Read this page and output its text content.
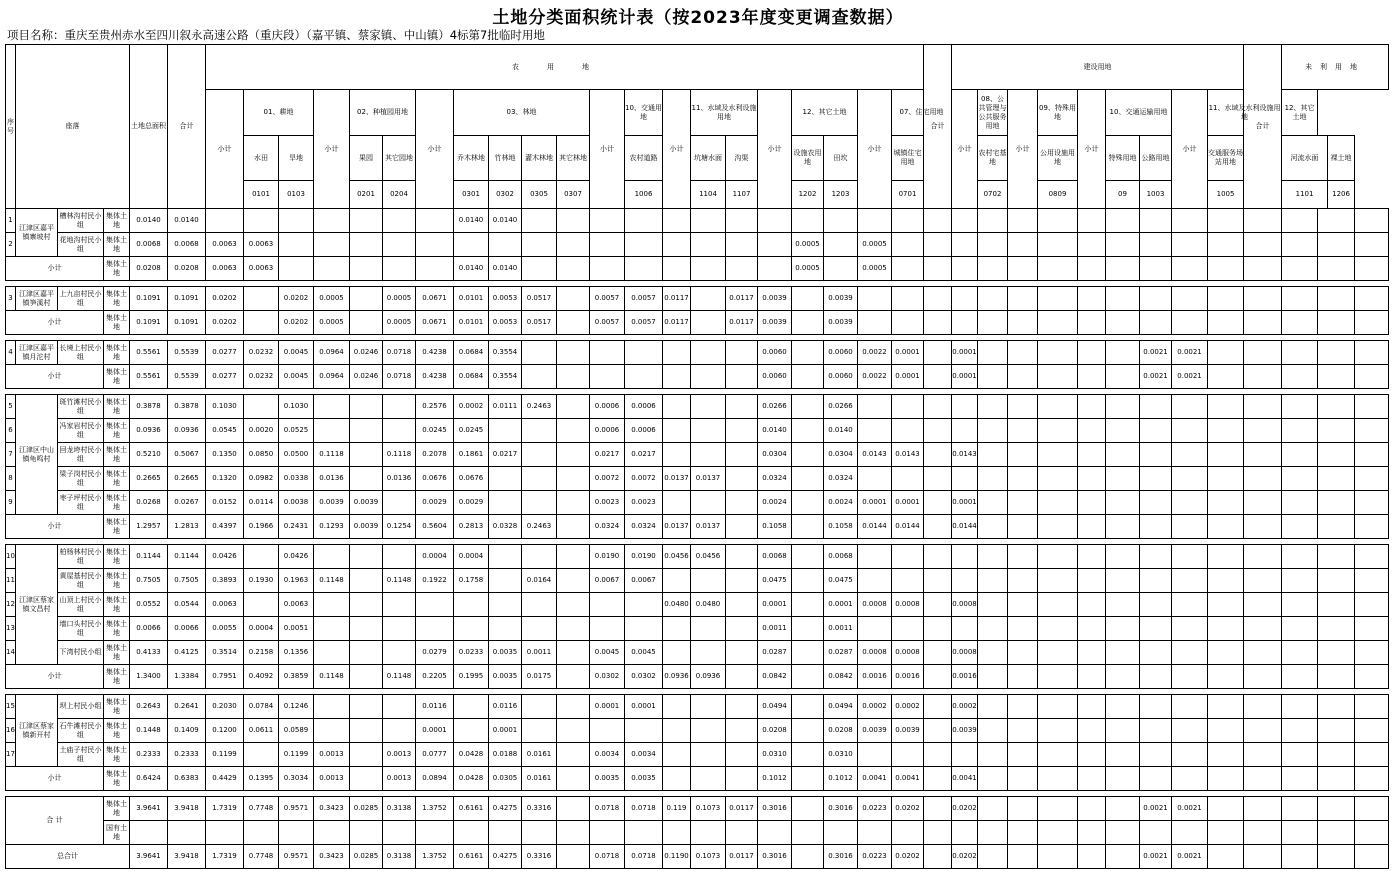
土地分类面积统计表（按2023年度变更调查数据）
项目名称：重庆至贵州赤水至四川叙永高速公路（重庆段）（嘉平镇、蔡家镇、中山镇）4标第7批临时用地
序号	座落			土地总面积	合计	农用地																					合计	建设用地									合计	未利用地			
						小计	01、耕地		小计	02、种植园用地		小计	03、林地				小计	10、交通用地	小计	11、水域及水利设施用地		小计	12、其它土地		小计	07、住宅用地		小计	08、公共管理与公共服务用地	小计	09、特殊用地	小计	10、交通运输用地		小计	11、水域及水利设施用地		12、其它土地			
							水田	旱地		果园	其它园地		乔木林地	竹林地	灌木林地	其它林地		农村道路		坑塘水面	沟渠		设施农用地	田坎		城镇住宅用地			农村宅基地		公用设施用地		特殊用地	公路用地		交通服务场站用地		河流水面		裸土地	
							0101	0103		0201	0204		0301	0302	0305	0307		1006		1104	1107		1202	1203		0701			0702		0809		09	1003		1005		1101		1206	
1	江津区嘉平镇寨坡村	槽林沟村民小组	集体土地	0.0140	0.0140								0.0140	0.0140																											
2		花地沟村民小组	集体土地	0.0068	0.0068	0.0063	0.0063																0.0005		0.0005																
小计			集体土地	0.0208	0.0208	0.0063	0.0063						0.0140	0.0140									0.0005		0.0005																

3	江津区嘉平镇笋溪村	上九亩村民小组	集体土地	0.1091	0.1091	0.0202		0.0202	0.0005		0.0005	0.0671	0.0101	0.0053	0.0517		0.0057	0.0057	0.0117		0.0117	0.0039		0.0039																	
小计			集体土地	0.1091	0.1091	0.0202		0.0202	0.0005		0.0005	0.0671	0.0101	0.0053	0.0517		0.0057	0.0057	0.0117		0.0117	0.0039		0.0039																	

4	江津区嘉平镇月沱村	长境上村民小组	集体土地	0.5561	0.5539	0.0277	0.0232	0.0045	0.0964	0.0246	0.0718	0.4238	0.0684	0.3554								0.0060		0.0060	0.0022	0.0001		0.0001						0.0021	0.0021						
小计			集体土地	0.5561	0.5539	0.0277	0.0232	0.0045	0.0964	0.0246	0.0718	0.4238	0.0684	0.3554								0.0060		0.0060	0.0022	0.0001		0.0001						0.0021	0.0021						

5	江津区中山镇龟鸣村	斑竹滩村民小组	集体土地	0.3878	0.3878	0.1030		0.1030				0.2576	0.0002	0.0111	0.2463		0.0006	0.0006				0.0266		0.0266																	
6		冯家岩村民小组	集体土地	0.0936	0.0936	0.0545	0.0020	0.0525				0.0245	0.0245				0.0006	0.0006				0.0140		0.0140																	
7		回龙垮村民小组	集体土地	0.5210	0.5067	0.1350	0.0850	0.0500	0.1118		0.1118	0.2078	0.1861	0.0217			0.0217	0.0217				0.0304		0.0304	0.0143	0.0143		0.0143													
8		梁子岗村民小组	集体土地	0.2665	0.2665	0.1320	0.0982	0.0338	0.0136		0.0136	0.0676	0.0676				0.0072	0.0072	0.0137	0.0137		0.0324		0.0324																	
9		枣子坪村民小组	集体土地	0.0268	0.0267	0.0152	0.0114	0.0038	0.0039	0.0039		0.0029	0.0029				0.0023	0.0023				0.0024		0.0024	0.0001	0.0001		0.0001													
小计			集体土地	1.2957	1.2813	0.4397	0.1966	0.2431	0.1293	0.0039	0.1254	0.5604	0.2813	0.0328	0.2463		0.0324	0.0324	0.0137	0.0137		0.1058		0.1058	0.0144	0.0144		0.0144													

10	江津区蔡家镇文昌村	柏杨林村民小组	集体土地	0.1144	0.1144	0.0426		0.0426				0.0004	0.0004				0.0190	0.0190	0.0456	0.0456		0.0068		0.0068																	
11		黄屋基村民小组	集体土地	0.7505	0.7505	0.3893	0.1930	0.1963	0.1148		0.1148	0.1922	0.1758		0.0164		0.0067	0.0067				0.0475		0.0475																	
12		山顶上村民小组	集体土地	0.0552	0.0544	0.0063		0.0063											0.0480	0.0480		0.0001		0.0001	0.0008	0.0008		0.0008													
13		墙口头村民小组	集体土地	0.0066	0.0066	0.0055	0.0004	0.0051														0.0011		0.0011																	
14		下湾村民小组	集体土地	0.4133	0.4125	0.3514	0.2158	0.1356				0.0279	0.0233	0.0035	0.0011		0.0045	0.0045				0.0287		0.0287	0.0008	0.0008		0.0008													
小计			集体土地	1.3400	1.3384	0.7951	0.4092	0.3859	0.1148		0.1148	0.2205	0.1995	0.0035	0.0175		0.0302	0.0302	0.0936	0.0936		0.0842		0.0842	0.0016	0.0016		0.0016													

15	江津区蔡家镇新开村	坝上村民小组	集体土地	0.2643	0.2641	0.2030	0.0784	0.1246				0.0116		0.0116			0.0001	0.0001				0.0494		0.0494	0.0002	0.0002		0.0002													
16		石牛滩村民小组	集体土地	0.1448	0.1409	0.1200	0.0611	0.0589				0.0001		0.0001								0.0208		0.0208	0.0039	0.0039		0.0039													
17		土庙子村民小组	集体土地	0.2333	0.2333	0.1199		0.1199	0.0013		0.0013	0.0777	0.0428	0.0188	0.0161		0.0034	0.0034				0.0310		0.0310																	
小计			集体土地	0.6424	0.6383	0.4429	0.1395	0.3034	0.0013		0.0013	0.0894	0.0428	0.0305	0.0161		0.0035	0.0035				0.1012		0.1012	0.0041	0.0041		0.0041													

合 计			集体土地	3.9641	3.9418	1.7319	0.7748	0.9571	0.3423	0.0285	0.3138	1.3752	0.6161	0.4275	0.3316		0.0718	0.0718	0.119	0.1073	0.0117	0.3016		0.3016	0.0223	0.0202		0.0202						0.0021	0.0021						
			国有土地																																						
总合计				3.9641	3.9418	1.7319	0.7748	0.9571	0.3423	0.0285	0.3138	1.3752	0.6161	0.4275	0.3316		0.0718	0.0718	0.1190	0.1073	0.0117	0.3016		0.3016	0.0223	0.0202		0.0202						0.0021	0.0021						
